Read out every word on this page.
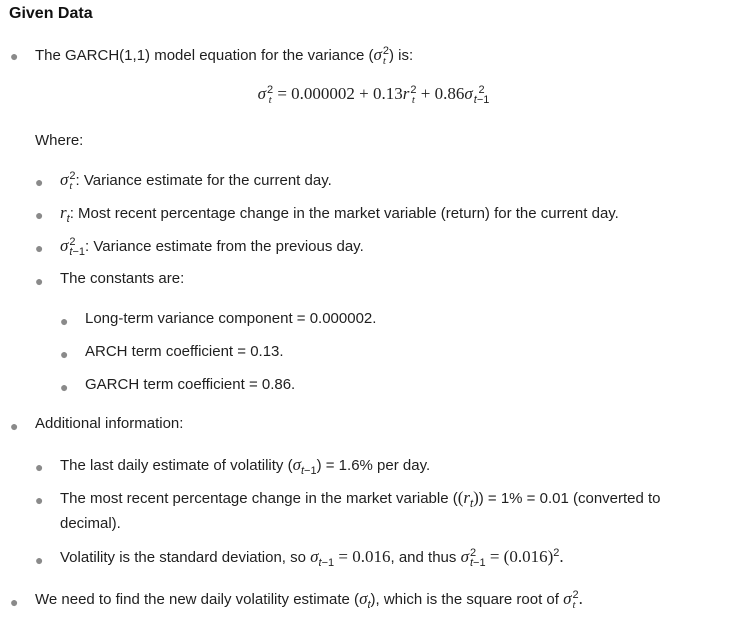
Given Data
● The GARCH(1,1) model equation for the variance (σ 2
t ) is:
σ 2
t = 0.000002 + 0.13r 2
t + 0.86σ 2
t−1
Where:
● σ 2
t : Variance estimate for the current day.
● $r_t$: Most recent percentage change in the market variable (return) for the current day.
● σ 2
t−1 : Variance estimate from the previous day.
● The constants are:
● Long-term variance component = 0.000002.
● ARCH term coefficient = 0.13.
● GARCH term coefficient = 0.86.
● Additional information:
● The last daily estimate of volatility $(\sigma_{t-1}) = 1.6\%$ per day.
● The most recent percentage change in the market variable $((r_t)) = 1\% = 0.01$ (converted to
decimal).
● Volatility is the standard deviation, so $\sigma_{t-1} = 0.016$, and thus σ 2
$t-1 = (0.016)^2$.
● We need to find the new daily volatility estimate $(\sigma_t)$, which is the square root of σ 2
t .
